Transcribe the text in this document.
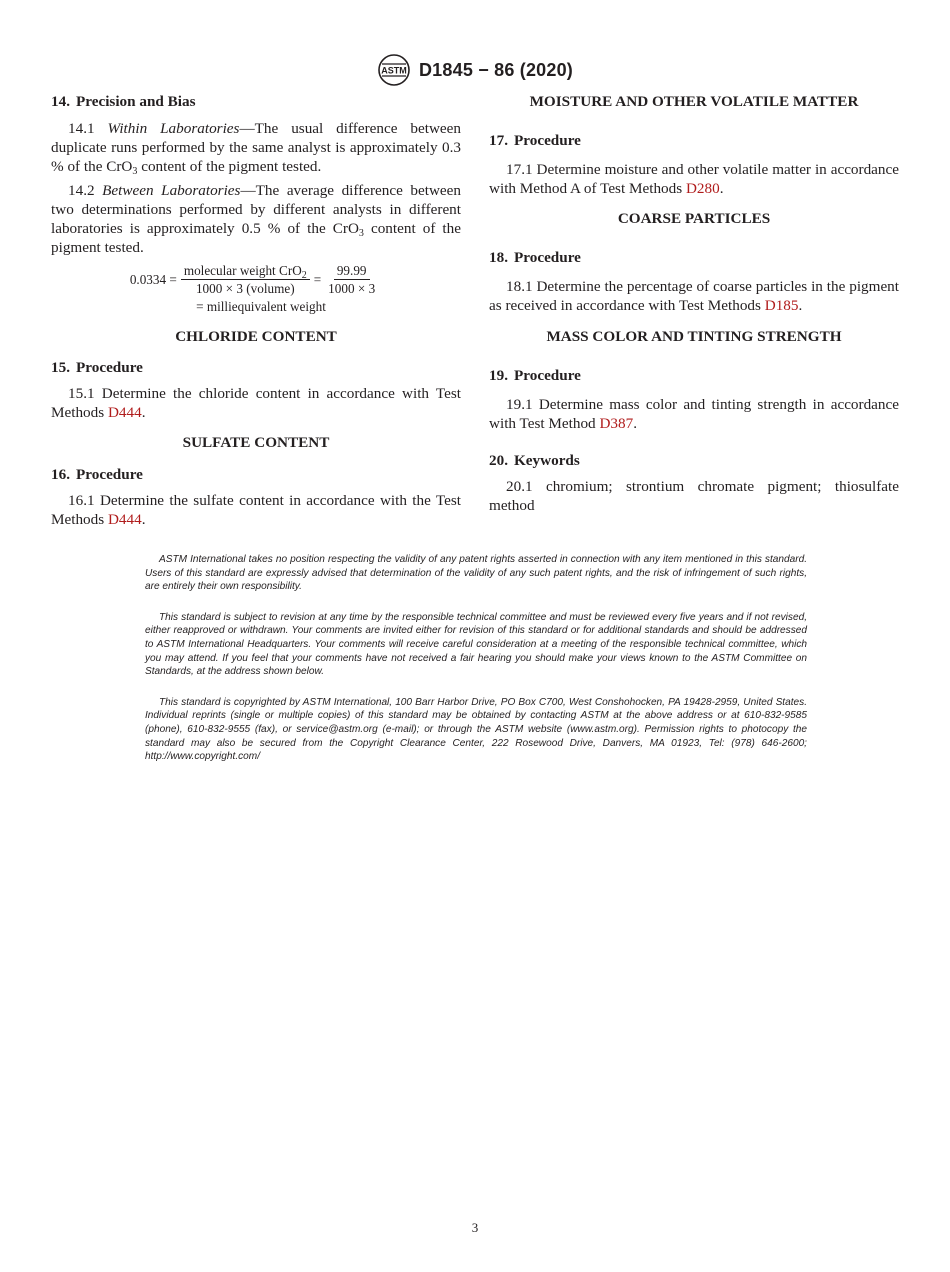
ASTM D1845 − 86 (2020)
14. Precision and Bias

14.1 Within Laboratories—The usual difference between duplicate runs performed by the same analyst is approximately 0.3 % of the CrO$_3$ content of the pigment tested.

14.2 Between Laboratories—The average difference between two determinations performed by different analysts in different laboratories is approximately 0.5 % of the CrO$_3$ content of the pigment tested.

$0.0334 = \frac{molecular weight CrO_2}{\text{1000 × 3 (volume)}} = \frac{99.99}{1000 \times 3}$
= milliequivalent weight
CHLORIDE CONTENT
15. Procedure

15.1 Determine the chloride content in accordance with Test Methods D444.

SULFATE CONTENT
16. Procedure

16.1 Determine the sulfate content in accordance with the Test Methods D444.

MOISTURE AND OTHER VOLATILE MATTER
17. Procedure

17.1 Determine moisture and other volatile matter in accordance with Method A of Test Methods D280.

COARSE PARTICLES
18. Procedure

18.1 Determine the percentage of coarse particles in the pigment as received in accordance with Test Methods D185.

MASS COLOR AND TINTING STRENGTH
19. Procedure

19.1 Determine mass color and tinting strength in accordance with Test Method D387.

20. Keywords

20.1 chromium; strontium chromate pigment; thiosulfate method

ASTM International takes no position respecting the validity of any patent rights asserted in connection with any item mentioned in this standard. Users of this standard are expressly advised that determination of the validity of any such patent rights, and the risk of infringement of such rights, are entirely their own responsibility.

This standard is subject to revision at any time by the responsible technical committee and must be reviewed every five years and if not revised, either reapproved or withdrawn. Your comments are invited either for revision of this standard or for additional standards and should be addressed to ASTM International Headquarters. Your comments will receive careful consideration at a meeting of the responsible technical committee, which you may attend. If you feel that your comments have not received a fair hearing you should make your views known to the ASTM Committee on Standards, at the address shown below.

This standard is copyrighted by ASTM International, 100 Barr Harbor Drive, PO Box C700, West Conshohocken, PA 19428-2959, United States. Individual reprints (single or multiple copies) of this standard may be obtained by contacting ASTM at the above address or at 610-832-9585 (phone), 610-832-9555 (fax), or service@astm.org (e-mail); or through the ASTM website (www.astm.org). Permission rights to photocopy the standard may also be secured from the Copyright Clearance Center, 222 Rosewood Drive, Danvers, MA 01923, Tel: (978) 646-2600; http://www.copyright.com/

3
